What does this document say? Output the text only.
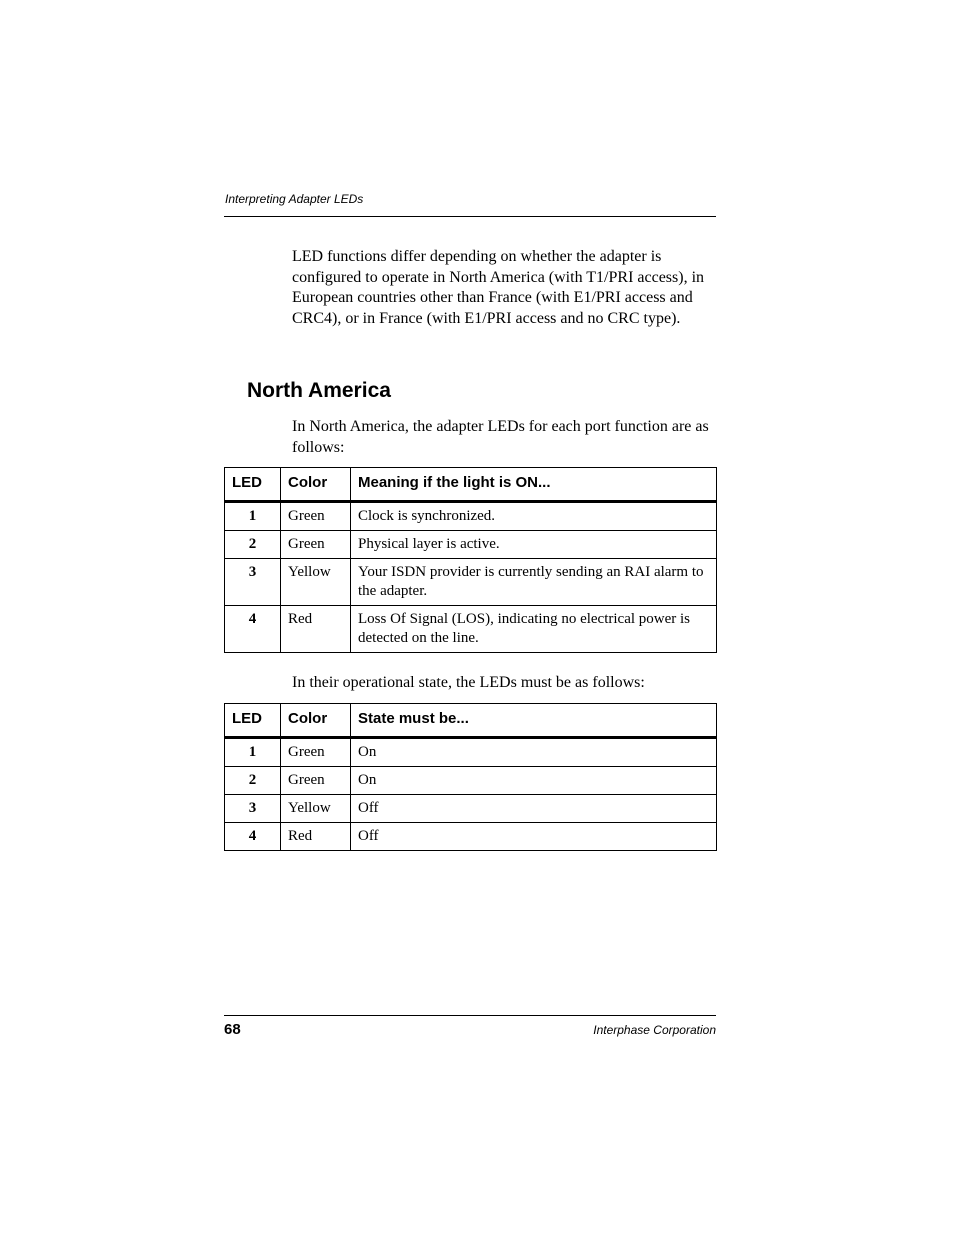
Interpreting Adapter LEDs

LED functions differ depending on whether the adapter is configured to operate in North America (with T1/PRI access), in European countries other than France (with E1/PRI access and CRC4), or in France (with E1/PRI access and no CRC type).

North America

In North America, the adapter LEDs for each port function are as follows:

LED	Color	Meaning if the light is ON...
1	Green	Clock is synchronized.
2	Green	Physical layer is active.
3	Yellow	Your ISDN provider is currently sending an RAI alarm to the adapter.
4	Red	Loss Of Signal (LOS), indicating no electrical power is detected on the line.

In their operational state, the LEDs must be as follows:

LED	Color	State must be...
1	Green	On
2	Green	On
3	Yellow	Off
4	Red	Off
68	Interphase Corporation
